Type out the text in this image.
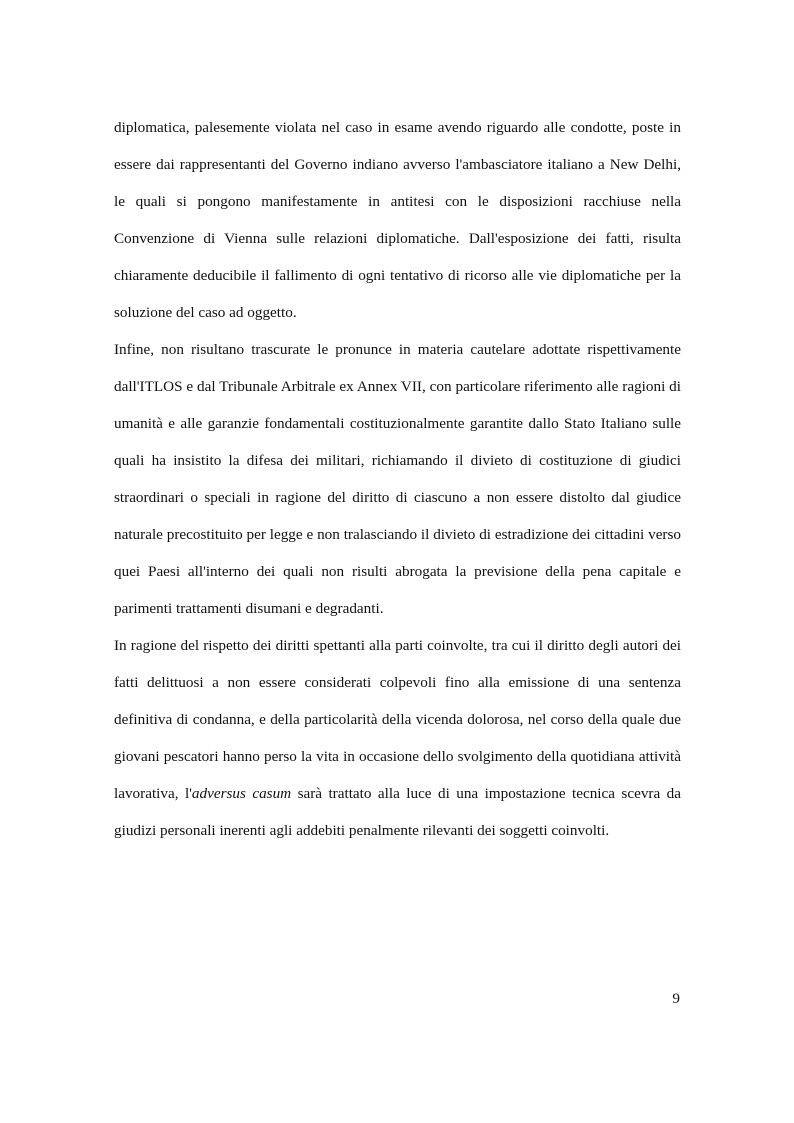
diplomatica, palesemente violata nel caso in esame avendo riguardo alle condotte, poste in essere dai rappresentanti del Governo indiano avverso l'ambasciatore italiano a New Delhi, le quali si pongono manifestamente in antitesi con le disposizioni racchiuse nella Convenzione di Vienna sulle relazioni diplomatiche. Dall'esposizione dei fatti, risulta chiaramente deducibile il fallimento di ogni tentativo di ricorso alle vie diplomatiche per la soluzione del caso ad oggetto.

Infine, non risultano trascurate le pronunce in materia cautelare adottate rispettivamente dall'ITLOS e dal Tribunale Arbitrale ex Annex VII, con particolare riferimento alle ragioni di umanità e alle garanzie fondamentali costituzionalmente garantite dallo Stato Italiano sulle quali ha insistito la difesa dei militari, richiamando il divieto di costituzione di giudici straordinari o speciali in ragione del diritto di ciascuno a non essere distolto dal giudice naturale precostituito per legge e non tralasciando il divieto di estradizione dei cittadini verso quei Paesi all'interno dei quali non risulti abrogata la previsione della pena capitale e parimenti trattamenti disumani e degradanti.

In ragione del rispetto dei diritti spettanti alla parti coinvolte, tra cui il diritto degli autori dei fatti delittuosi a non essere considerati colpevoli fino alla emissione di una sentenza definitiva di condanna, e della particolarità della vicenda dolorosa, nel corso della quale due giovani pescatori hanno perso la vita in occasione dello svolgimento della quotidiana attività lavorativa, l'adversus casum sarà trattato alla luce di una impostazione tecnica scevra da giudizi personali inerenti agli addebiti penalmente rilevanti dei soggetti coinvolti.

9
